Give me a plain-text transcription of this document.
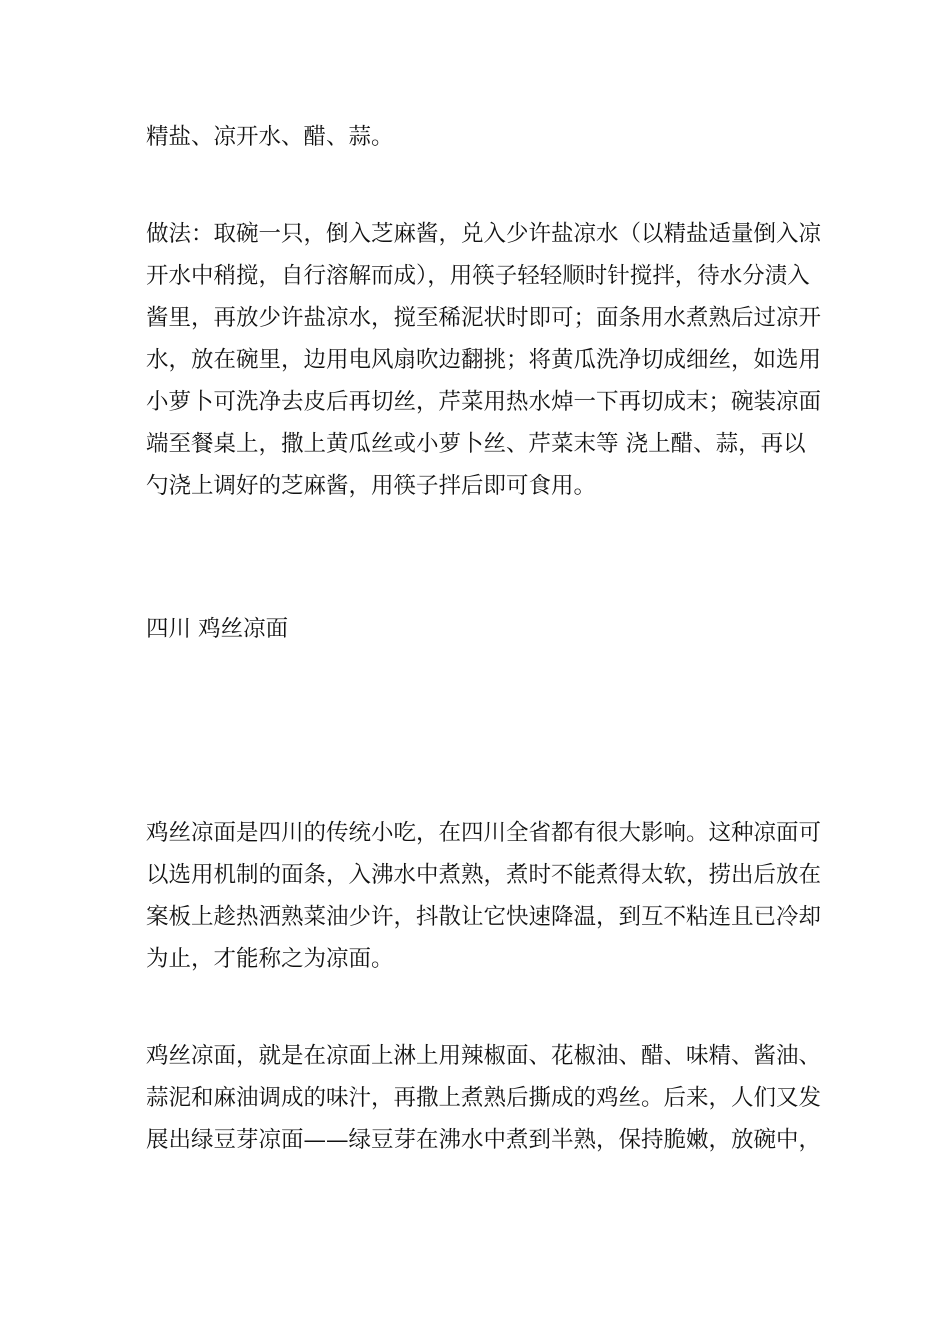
精盐、凉开水、醋、蒜。

做法：取碗一只，倒入芝麻酱，兑入少许盐凉水（以精盐适量倒入凉

开水中稍搅，自行溶解而成），用筷子轻轻顺时针搅拌，待水分渍入

酱里，再放少许盐凉水，搅至稀泥状时即可；面条用水煮熟后过凉开

水，放在碗里，边用电风扇吹边翻挑；将黄瓜洗净切成细丝，如选用

小萝卜可洗净去皮后再切丝，芹菜用热水焯一下再切成末；碗装凉面

端至餐桌上，撒上黄瓜丝或小萝卜丝、芹菜末等 浇上醋、蒜，再以

勺浇上调好的芝麻酱，用筷子拌后即可食用。

四川 鸡丝凉面

鸡丝凉面是四川的传统小吃，在四川全省都有很大影响。这种凉面可

以选用机制的面条，入沸水中煮熟，煮时不能煮得太软，捞出后放在

案板上趁热洒熟菜油少许，抖散让它快速降温，到互不粘连且已冷却

为止，才能称之为凉面。

鸡丝凉面，就是在凉面上淋上用辣椒面、花椒油、醋、味精、酱油、

蒜泥和麻油调成的味汁，再撒上煮熟后撕成的鸡丝。后来，人们又发

展出绿豆芽凉面——绿豆芽在沸水中煮到半熟，保持脆嫩，放碗中，
